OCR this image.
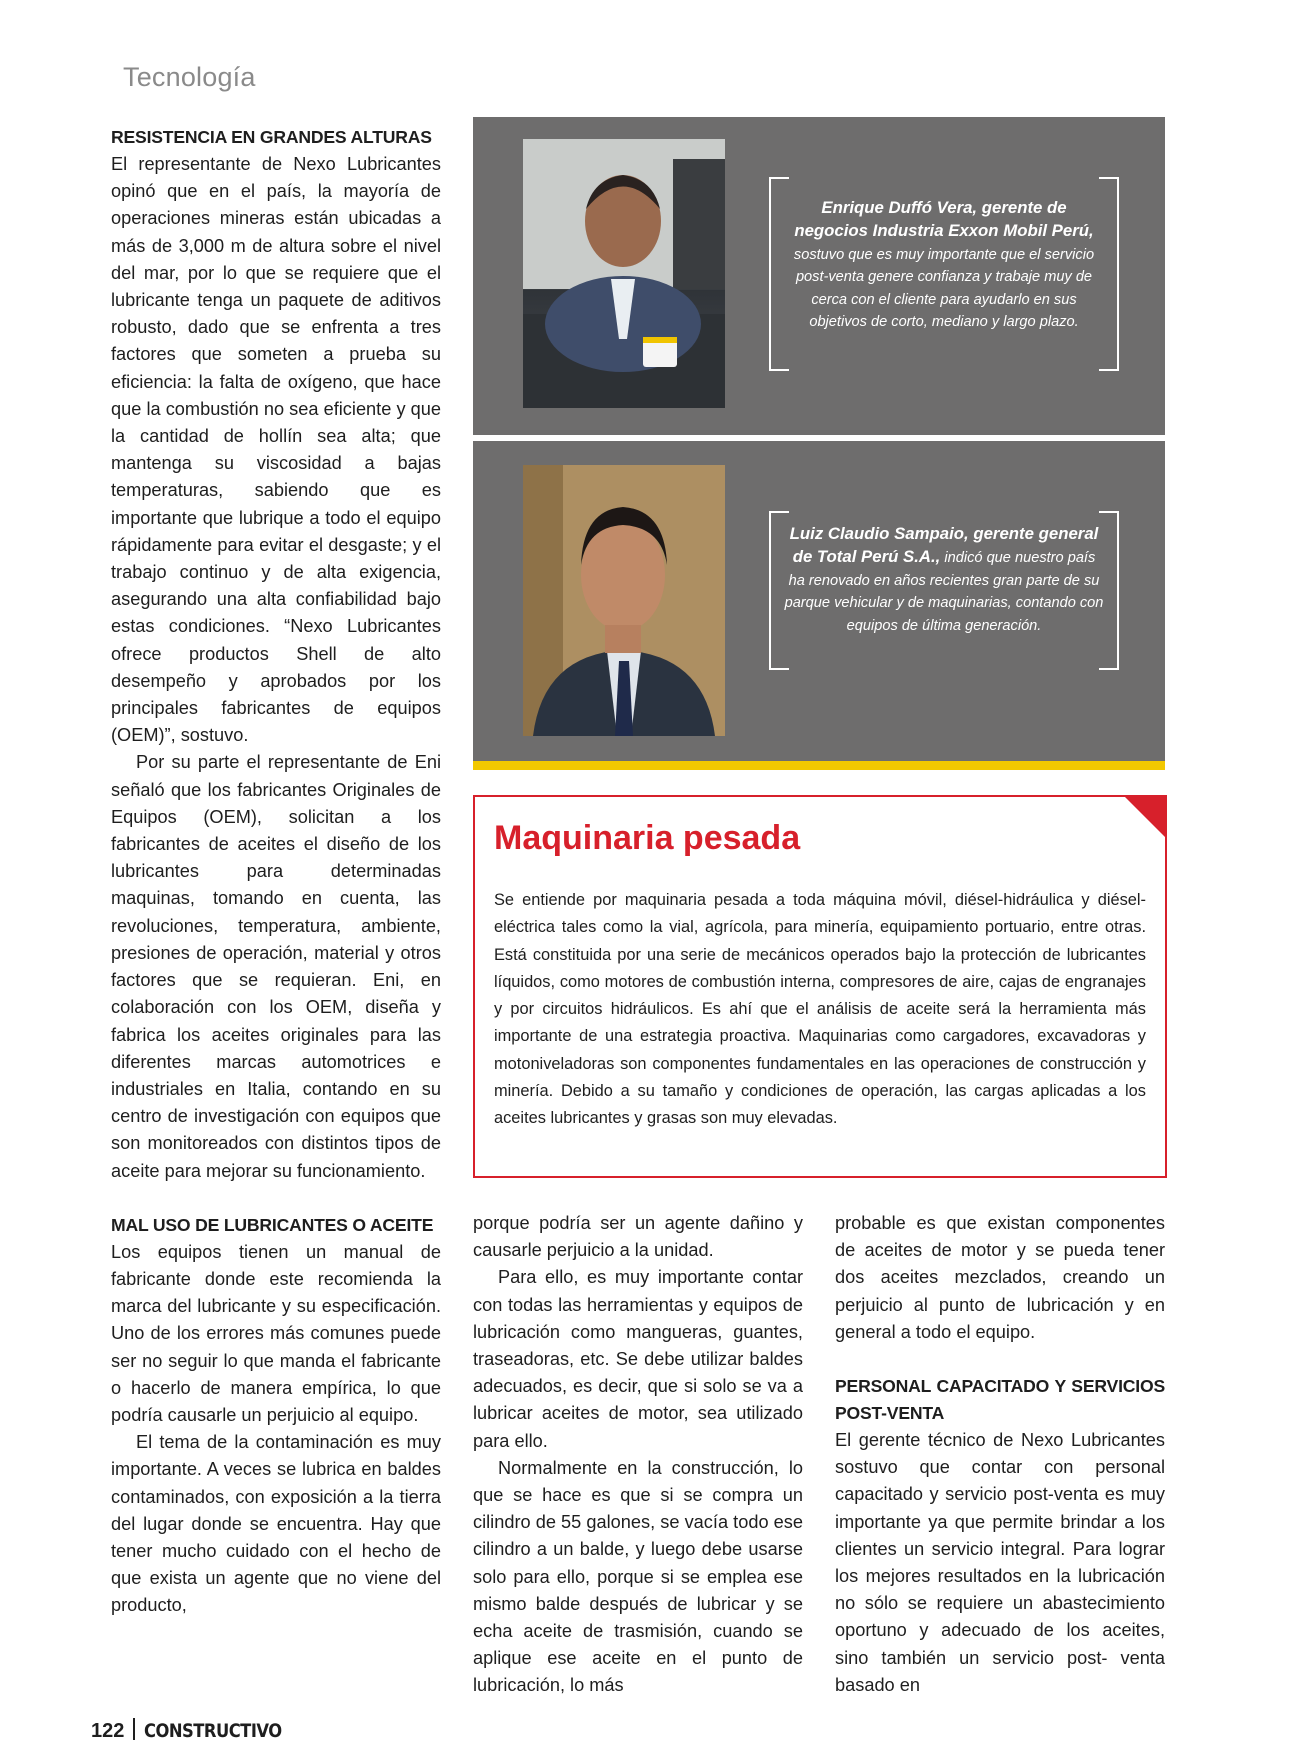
Tecnología
RESISTENCIA EN GRANDES ALTURAS

El representante de Nexo Lubricantes opinó que en el país, la mayoría de operaciones mineras están ubicadas a más de 3,000 m de altura sobre el nivel del mar, por lo que se requiere que el lubricante tenga un paquete de aditivos robusto, dado que se enfrenta a tres factores que someten a prueba su eficiencia: la falta de oxígeno, que hace que la combustión no sea eficiente y que la cantidad de hollín sea alta; que mantenga su viscosidad a bajas temperaturas, sabiendo que es importante que lubrique a todo el equipo rápidamente para evitar el desgaste; y el trabajo continuo y de alta exigencia, asegurando una alta confiabilidad bajo estas condiciones. “Nexo Lubricantes ofrece productos Shell de alto desempeño y aprobados por los principales fabricantes de equipos (OEM)”, sostuvo.

Por su parte el representante de Eni señaló que los fabricantes Originales de Equipos (OEM), solicitan a los fabricantes de aceites el diseño de los lubricantes para determinadas maquinas, tomando en cuenta, las revoluciones, temperatura, ambiente, presiones de operación, material y otros factores que se requieran. Eni, en colaboración con los OEM, diseña y fabrica los aceites originales para las diferentes marcas automotrices e industriales en Italia, contando en su centro de investigación con equipos que son monitoreados con distintos tipos de aceite para mejorar su funcionamiento.

MAL USO DE LUBRICANTES O ACEITE

Los equipos tienen un manual de fabricante donde este recomienda la marca del lubricante y su especificación. Uno de los errores más comunes puede ser no seguir lo que manda el fabricante o hacerlo de manera empírica, lo que podría causarle un perjuicio al equipo.

El tema de la contaminación es muy importante. A veces se lubrica en baldes contaminados, con exposición a la tierra del lugar donde se encuentra. Hay que tener mucho cuidado con el hecho de que exista un agente que no viene del producto,

Enrique Duffó Vera, gerente de negocios Industria Exxon Mobil Perú, sostuvo que es muy importante que el servicio post-venta genere confianza y trabaje muy de cerca con el cliente para ayudarlo en sus objetivos de corto, mediano y largo plazo.
Luiz Claudio Sampaio, gerente general de Total Perú S.A., indicó que nuestro país ha renovado en años recientes gran parte de su parque vehicular y de maquinarias, contando con equipos de última generación.
Maquinaria pesada
Se entiende por maquinaria pesada a toda máquina móvil, diésel-hidráulica y diésel-eléctrica tales como la vial, agrícola, para minería, equipamiento portuario, entre otras. Está constituida por una serie de mecánicos operados bajo la protección de lubricantes líquidos, como motores de combustión interna, compresores de aire, cajas de engranajes y por circuitos hidráulicos. Es ahí que el análisis de aceite será la herramienta más importante de una estrategia proactiva. Maquinarias como cargadores, excavadoras y motoniveladoras son componentes fundamentales en las operaciones de construcción y minería. Debido a su tamaño y condiciones de operación, las cargas aplicadas a los aceites lubricantes y grasas son muy elevadas.

porque podría ser un agente dañino y causarle perjuicio a la unidad.

Para ello, es muy importante contar con todas las herramientas y equipos de lubricación como mangueras, guantes, traseadoras, etc. Se debe utilizar baldes adecuados, es decir, que si solo se va a lubricar aceites de motor, sea utilizado para ello.

Normalmente en la construcción, lo que se hace es que si se compra un cilindro de 55 galones, se vacía todo ese cilindro a un balde, y luego debe usarse solo para ello, porque si se emplea ese mismo balde después de lubricar y se echa aceite de trasmisión, cuando se aplique ese aceite en el punto de lubricación, lo más

probable es que existan componentes de aceites de motor y se pueda tener dos aceites mezclados, creando un perjuicio al punto de lubricación y en general a todo el equipo.

PERSONAL CAPACITADO Y SERVICIOS POST-VENTA

El gerente técnico de Nexo Lubricantes sostuvo que contar con personal capacitado y servicio post-venta es muy importante ya que permite brindar a los clientes un servicio integral. Para lograr los mejores resultados en la lubricación no sólo se requiere un abastecimiento oportuno y adecuado de los aceites, sino también un servicio post- venta basado en

122 CONSTRUCTIVO
